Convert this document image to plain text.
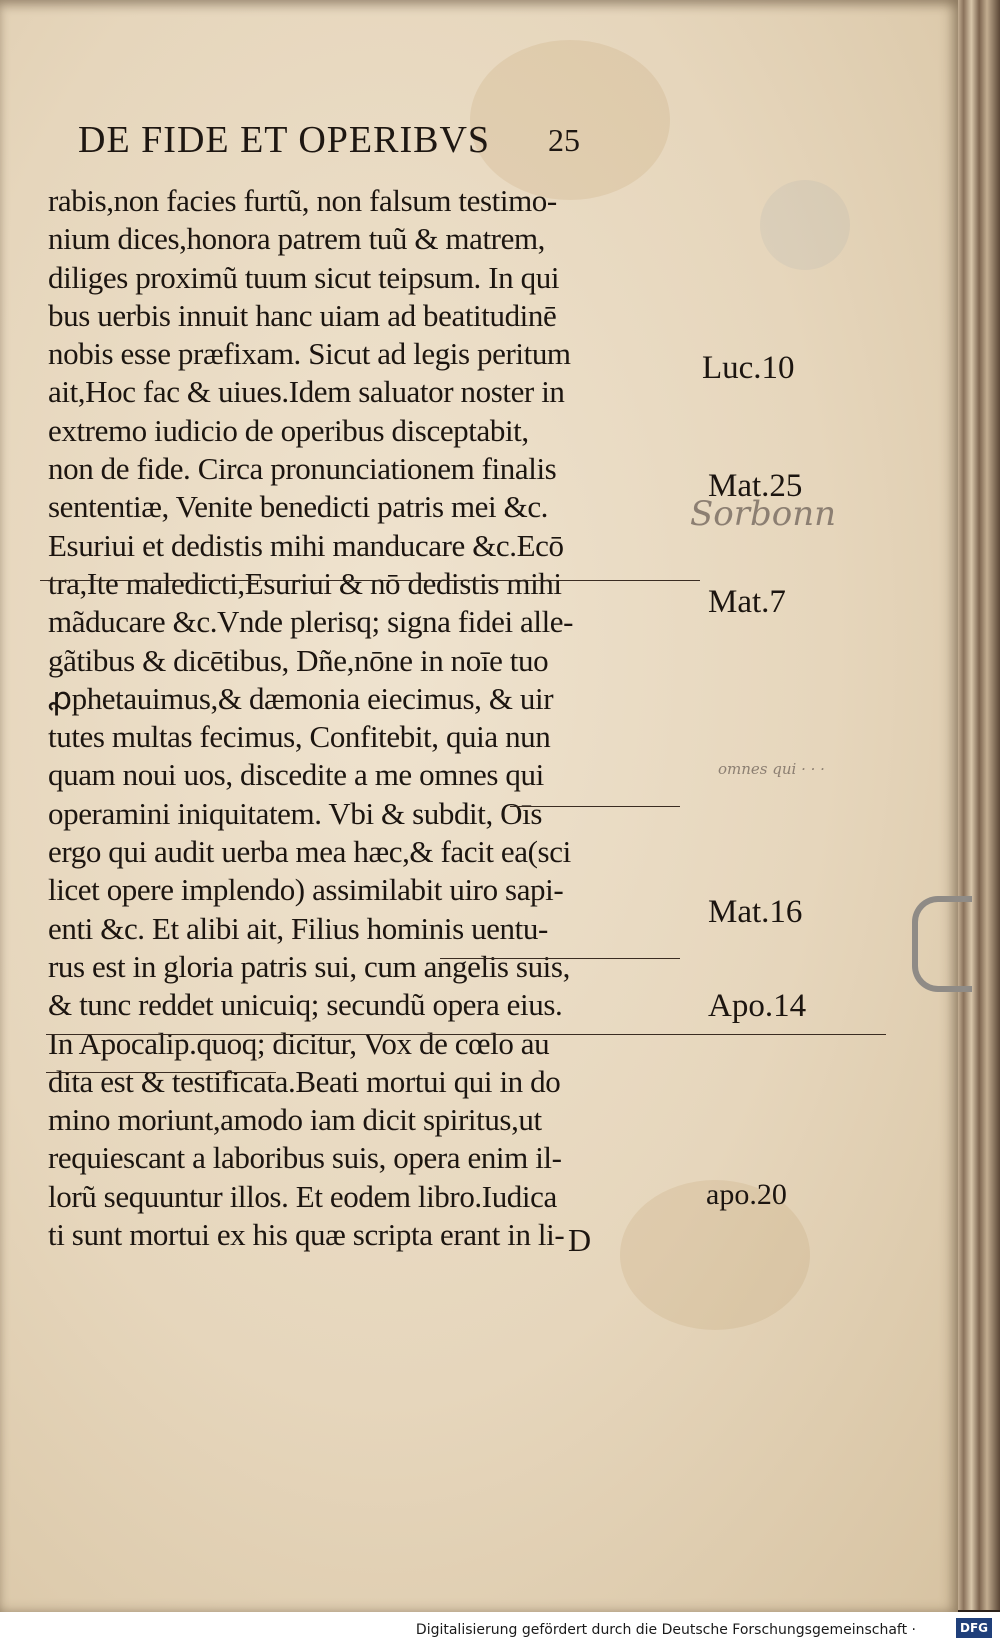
DE FIDE ET OPERIBVS 25
rabis,non facies furtũ, non falsum testimo-
nium dices,honora patrem tuũ & matrem,
diliges proximũ tuum sicut teipsum. In qui
bus uerbis innuit hanc uiam ad beatitudinē
nobis esse præfixam. Sicut ad legis peritum
ait,Hoc fac & uiues.Idem saluator noster in
extremo iudicio de operibus disceptabit,
non de fide. Circa pronunciationem finalis
sententiæ, Venite benedicti patris mei &c.
Esuriui et dedistis mihi manducare &c.Ecō
tra,Ite maledicti,Esuriui & nō dedistis mihi
mãducare &c.Vnde plerisq; signa fidei alle-
gãtibus & dicētibus, Dñe,nōne in noīe tuo
ꝓphetauimus,& dæmonia eiecimus, & uir
tutes multas fecimus, Confitebit, quia nun
quam noui uos, discedite a me omnes qui
operamini iniquitatem. Vbi & subdit, Oīs
ergo qui audit uerba mea hæc,& facit ea(sci
licet opere implendo) assimilabit uiro sapi-
enti &c. Et alibi ait, Filius hominis uentu-
rus est in gloria patris sui, cum angelis suis,
& tunc reddet unicuiq; secundũ opera eius.
In Apocalip.quoq; dicitur, Vox de cœlo au
dita est & testificata.Beati mortui qui in do
mino moriunt,amodo iam dicit spiritus,ut
requiescant a laboribus suis, opera enim il-
lorũ sequuntur illos. Et eodem libro.Iudica
ti sunt mortui ex his quæ scripta erant in li-
Luc.10
Mat.25
Mat.7
Mat.16
Apo.14
apo.20
Sorbonn
omnes qui · · ·
D
Digitalisierung gefördert durch die Deutsche Forschungsgemeinschaft ·	DFG
